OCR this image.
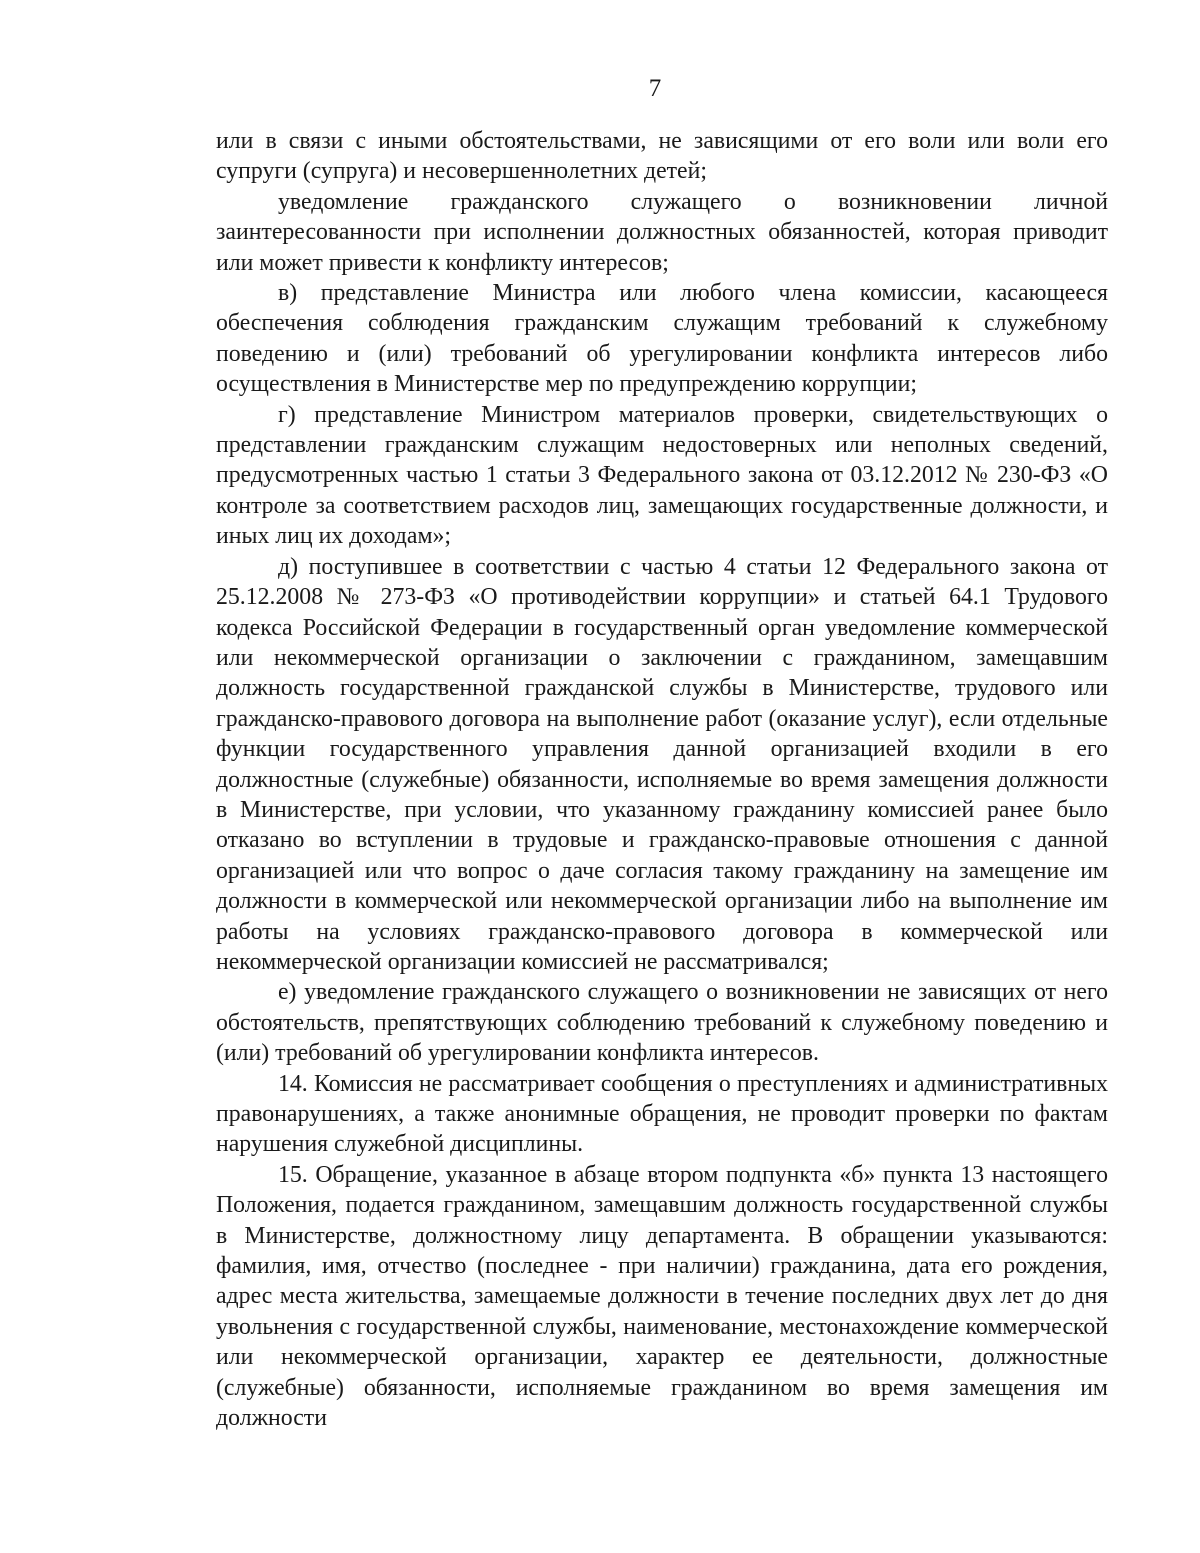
7

или в связи с иными обстоятельствами, не зависящими от его воли или воли его супруги (супруга) и несовершеннолетних детей;

уведомление гражданского служащего о возникновении личной заинтересованности при исполнении должностных обязанностей, которая приводит или может привести к конфликту интересов;

в) представление Министра или любого члена комиссии, касающееся обеспечения соблюдения гражданским служащим требований к служебному поведению и (или) требований об урегулировании конфликта интересов либо осуществления в Министерстве мер по предупреждению коррупции;

г) представление Министром материалов проверки, свидетельствующих о представлении гражданским служащим недостоверных или неполных сведений, предусмотренных частью 1 статьи 3 Федерального закона от 03.12.2012 № 230-ФЗ «О контроле за соответствием расходов лиц, замещающих государственные должности, и иных лиц их доходам»;

д) поступившее в соответствии с частью 4 статьи 12 Федерального закона от 25.12.2008 № 273-ФЗ «О противодействии коррупции» и статьей 64.1 Трудового кодекса Российской Федерации в государственный орган уведомление коммерческой или некоммерческой организации о заключении с гражданином, замещавшим должность государственной гражданской службы в Министерстве, трудового или гражданско-правового договора на выполнение работ (оказание услуг), если отдельные функции государственного управления данной организацией входили в его должностные (служебные) обязанности, исполняемые во время замещения должности в Министерстве, при условии, что указанному гражданину комиссией ранее было отказано во вступлении в трудовые и гражданско-правовые отношения с данной организацией или что вопрос о даче согласия такому гражданину на замещение им должности в коммерческой или некоммерческой организации либо на выполнение им работы на условиях гражданско-правового договора в коммерческой или некоммерческой организации комиссией не рассматривался;

е) уведомление гражданского служащего о возникновении не зависящих от него обстоятельств, препятствующих соблюдению требований к служебному поведению и (или) требований об урегулировании конфликта интересов.

14. Комиссия не рассматривает сообщения о преступлениях и административных правонарушениях, а также анонимные обращения, не проводит проверки по фактам нарушения служебной дисциплины.

15. Обращение, указанное в абзаце втором подпункта «б» пункта 13 настоящего Положения, подается гражданином, замещавшим должность государственной службы в Министерстве, должностному лицу департамента. В обращении указываются: фамилия, имя, отчество (последнее - при наличии) гражданина, дата его рождения, адрес места жительства, замещаемые должности в течение последних двух лет до дня увольнения с государственной службы, наименование, местонахождение коммерческой или некоммерческой организации, характер ее деятельности, должностные (служебные) обязанности, исполняемые гражданином во время замещения им должности
